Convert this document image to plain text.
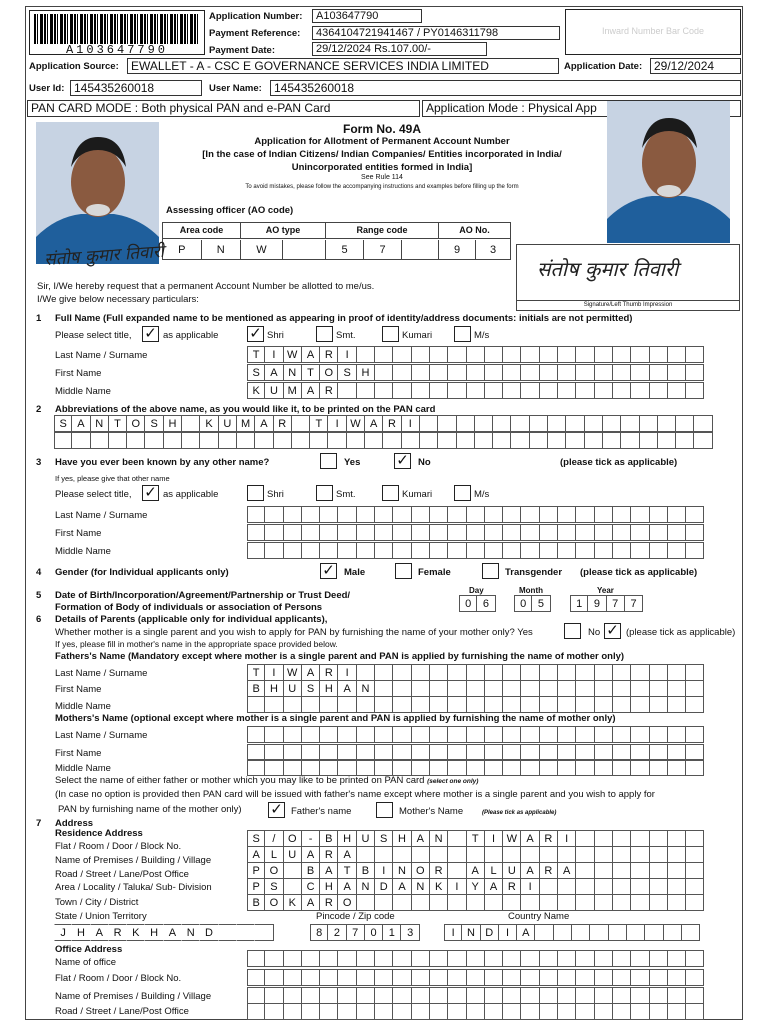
A103647790
Application Number:	A103647790
Payment Reference:	4364104721941467 / PY0146311798
Payment Date:	29/12/2024 Rs.107.00/-
Inward Number Bar Code
Application Source:	EWALLET - A - CSC E GOVERNANCE SERVICES INDIA LIMITED	Application Date: 29/12/2024
User Id: 145435260018	User Name:	145435260018
PAN CARD MODE : Both physical PAN and e-PAN Card	Application Mode : Physical App
Form No. 49A
Application for Allotment of Permanent Account Number
[In the case of Indian Citizens/ Indian Companies/ Entities incorporated in India/
Unincorporated entities formed in India]
See Rule 114
To avoid mistakes, please follow the accompanying instructions and examples before filling up the form
Assessing officer (AO code)
Area code	AO type	Range code	AO No.
P	N	W	5	7	9	3
संतोष कुमार तिवारी	संतोष कुमार तिवारी
Signature/Left Thumb Impression
Sir, I/We hereby request that a permanent Account Number be allotted to me/us.
I/We give below necessary particulars:
1 Full Name (Full expanded name to be mentioned as appearing in proof of identity/address documents: initials are not permitted)
Please select title, ✓ as applicable ✓ Shri	Smt.	Kumari	M/s
Last Name / Surname	T	I	W A R	I
First Name	S A N T O S H
Middle Name	K U M A R
2 Abbreviations of the above name, as you would like it, to be printed on the PAN card
S A N T O S H	K U M A R	T	I	W A R	I
3 Have you ever been known by any other name?	Yes ✓ No	(please tick as applicable)
If yes, please give that other name
Please select title, ✓ as applicable	Shri	Smt.	Kumari	M/s
Last Name / Surname
First Name
Middle Name
4 Gender (for Individual applicants only)	✓ Male	Female	Transgender (please tick as applicable)
5 Date of Birth/Incorporation/Agreement/Partnership or Trust Deed/
Formation of Body of individuals or association of Persons
Day	Month	Year
0	6	0	5	1	9	7	7
6 Details of Parents (applicable only for individual applicants),
Whether mother is a single parent and you wish to apply for PAN by furnishing the name of your mother only? Yes	No ✓ (please tick as applicable)
If yes, please fill in mother's name in the appropriate space provided below.
Fathers's Name (Mandatory except where mother is a single parent and PAN is applied by furnishing the name of mother only)
Last Name / Surname	T	I	W A R	I
First Name	B H U S H A N
Middle Name
Mothers's Name (optional except where mother is a single parent and PAN is applied by furnishing the name of mother only)
Last Name / Surname
First Name
Middle Name
Select the name of either father or mother which you may like to be printed on PAN card (select one only)
(In case no option is provided then PAN card will be issued with father's name except where mother is a single parent and you wish to apply for
PAN by furnishing name of the mother only) ✓ Father's name	Mother's Name	(Please tick as applicable)
7 Address
Residence Address
Flat / Room / Door / Block No.
S	/	O	-	B H U S H A N	T	I	W A R	I
Name of Premises / Building / Village	A	L	U A R A
Road / Street / Lane/Post Office	P O	B A	T	B	I	N O R	A	L	U A R A
Area / Locality / Taluka/ Sub- Division	P S	C H A N D A N K	I	Y A R	I
Town / City / District	B O K A R O
State / Union Territory	Pincode / Zip code	Country Name
J	H A R K H A N D	8	2	7	0	1	3	I	N D	I	A
Office Address
Name of office
Flat / Room / Door / Block No.
Name of Premises / Building / Village
Road / Street / Lane/Post Office
